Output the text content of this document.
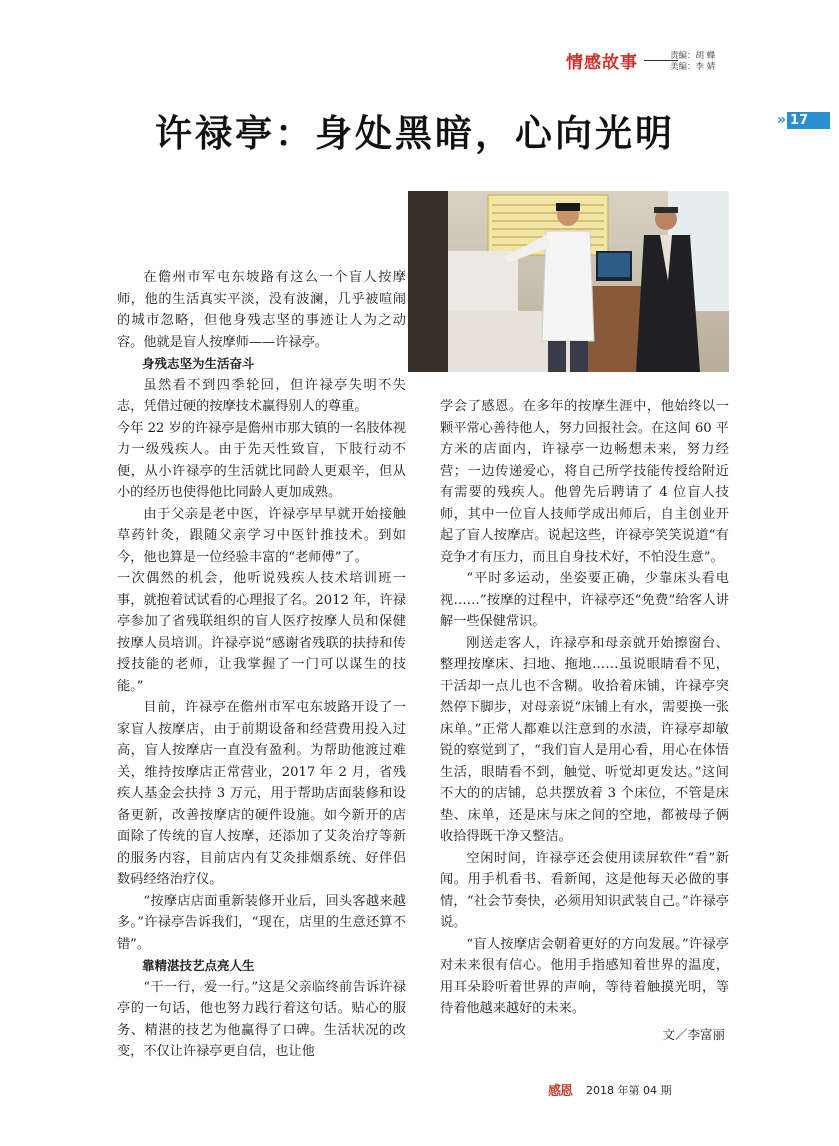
情感故事	责编：胡 蝶
美编：李 婧
» 17
许禄亭：身处黑暗，心向光明

在儋州市军屯东坡路有这么一个盲人按摩师，他的生活真实平淡，没有波澜，几乎被喧闹的城市忽略，但他身残志坚的事迹让人为之动容。他就是盲人按摩师——许禄亭。

身残志坚为生活奋斗

虽然看不到四季轮回，但许禄亭失明不失志，凭借过硬的按摩技术赢得别人的尊重。

今年 22 岁的许禄亭是儋州市那大镇的一名肢体视力一级残疾人。由于先天性致盲，下肢行动不便，从小许禄亭的生活就比同龄人更艰辛，但从小的经历也使得他比同龄人更加成熟。

由于父亲是老中医，许禄亭早早就开始接触草药针灸，跟随父亲学习中医针推技术。到如今，他也算是一位经验丰富的“老师傅”了。

一次偶然的机会，他听说残疾人技术培训班一事，就抱着试试看的心理报了名。2012 年，许禄亭参加了省残联组织的盲人医疗按摩人员和保健按摩人员培训。许禄亭说“感谢省残联的扶持和传授技能的老师，让我掌握了一门可以谋生的技能。”

目前，许禄亭在儋州市军屯东坡路开设了一家盲人按摩店，由于前期设备和经营费用投入过高，盲人按摩店一直没有盈利。为帮助他渡过难关，维持按摩店正常营业，2017 年 2 月，省残疾人基金会扶持 3 万元，用于帮助店面装修和设备更新，改善按摩店的硬件设施。如今新开的店面除了传统的盲人按摩，还添加了艾灸治疗等新的服务内容，目前店内有艾灸排烟系统、好伴侣数码经络治疗仪。

“按摩店店面重新装修开业后，回头客越来越多。”许禄亭告诉我们，“现在，店里的生意还算不错”。

靠精湛技艺点亮人生

“干一行，爱一行。”这是父亲临终前告诉许禄亭的一句话，他也努力践行着这句话。贴心的服务、精湛的技艺为他赢得了口碑。生活状况的改变，不仅让许禄亭更自信，也让他

学会了感恩。在多年的按摩生涯中，他始终以一颗平常心善待他人，努力回报社会。在这间 60 平方米的店面内，许禄亭一边畅想未来，努力经营；一边传递爱心，将自己所学技能传授给附近有需要的残疾人。他曾先后聘请了 4 位盲人技师，其中一位盲人技师学成出师后，自主创业开起了盲人按摩店。说起这些，许禄亭笑笑说道“有竞争才有压力，而且自身技术好，不怕没生意”。

“平时多运动，坐姿要正确，少靠床头看电视……”按摩的过程中，许禄亭还“免费”给客人讲解一些保健常识。

刚送走客人，许禄亭和母亲就开始擦窗台、整理按摩床、扫地、拖地……虽说眼睛看不见，干活却一点儿也不含糊。收拾着床铺，许禄亭突然停下脚步，对母亲说“床铺上有水，需要换一张床单。”正常人都难以注意到的水渍，许禄亭却敏锐的察觉到了，“我们盲人是用心看，用心在体悟生活，眼睛看不到，触觉、听觉却更发达。”这间不大的的店铺，总共摆放着 3 个床位，不管是床垫、床单，还是床与床之间的空地，都被母子俩收拾得既干净又整洁。

空闲时间，许禄亭还会使用读屏软件“看”新闻。用手机看书、看新闻，这是他每天必做的事情，“社会节奏快，必须用知识武装自己。”许禄亭说。

“盲人按摩店会朝着更好的方向发展。”许禄亭对未来很有信心。他用手指感知着世界的温度，用耳朵聆听着世界的声响，等待着触摸光明，等待着他越来越好的未来。

文／李富丽
感恩 2018 年第 04 期
